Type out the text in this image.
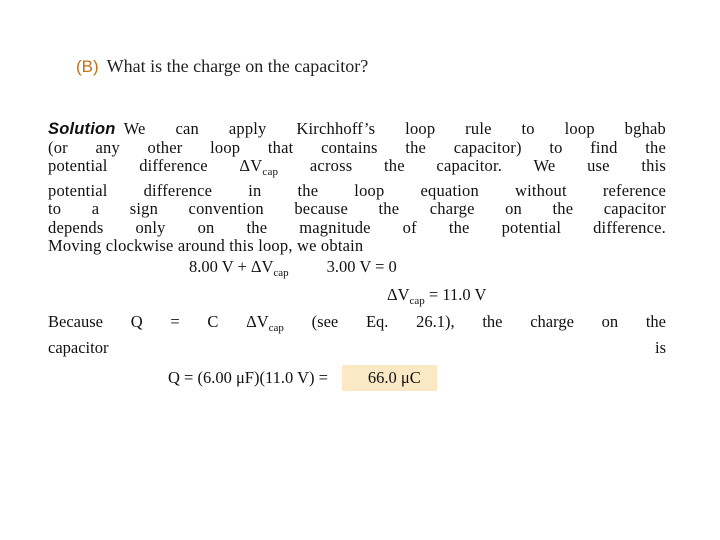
(B) What is the charge on the capacitor?
Solution We can apply Kirchhoff’s loop rule to loop bghab
(or any other loop that contains the capacitor) to find the
potential difference $\Delta V_{cap}$ across the capacitor. We use this
potential difference in the loop equation without reference
to a sign convention because the charge on the capacitor
depends only on the magnitude of the potential difference.
Moving clockwise around this loop, we obtain
8.00 $V + \Delta V_{cap}$ 3.00 V = 0
$\Delta V_{cap} = 11.0$ V
Because Q = C $\Delta V_{cap}$ (see Eq. 26.1), the charge on the
capacitor is
Q = (6.00 μF)(11.0 V) = 66.0 μC
